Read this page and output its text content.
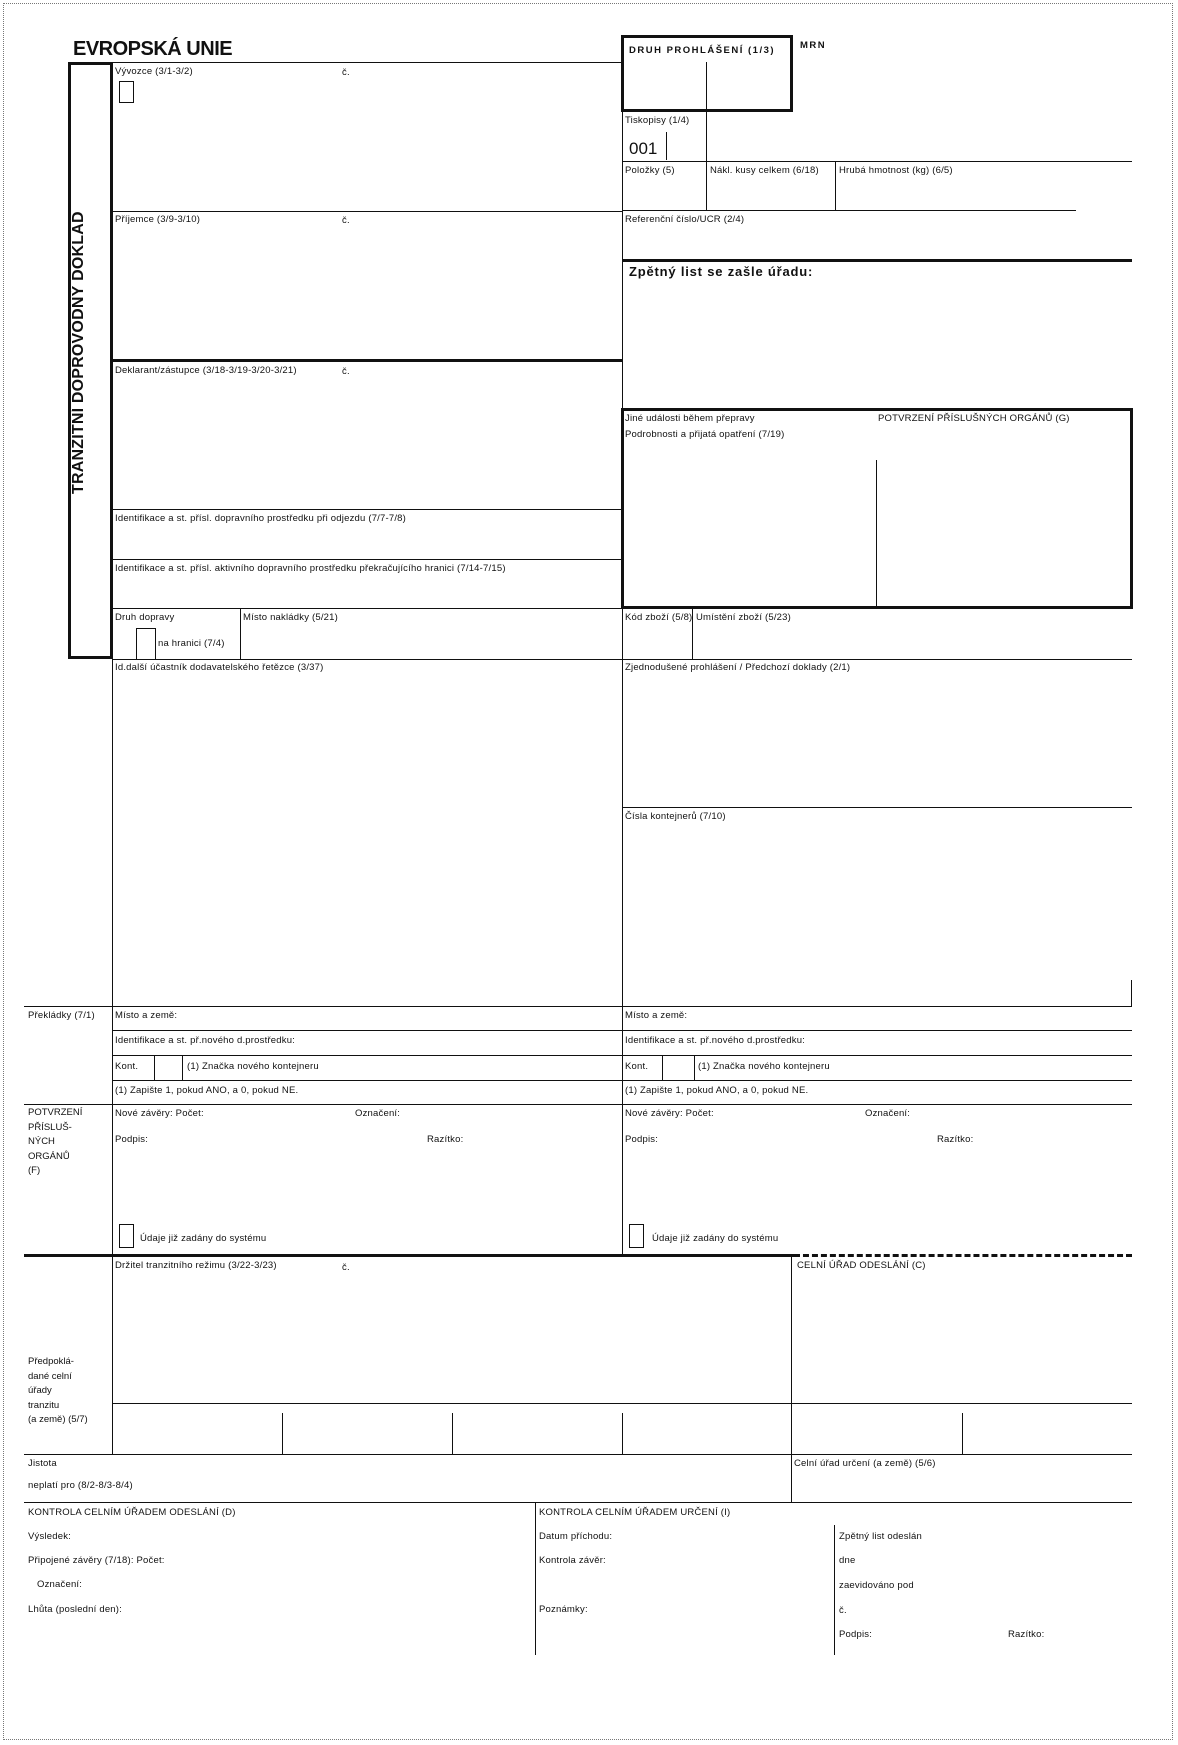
EVROPSKÁ UNIE	DRUH PROHLÁŠENÍ (1/3)	MRN
TRANZITNÍ DOPROVODNÝ DOKLAD
Vývozce (3/1-3/2)	č.
Příjemce (3/9-3/10)	č.
Deklarant/zástupce (3/18-3/19-3/20-3/21)	č.
Identifikace a st. přísl. dopravního prostředku při odjezdu (7/7-7/8)
Identifikace a st. přísl. aktivního dopravního prostředku překračujícího hranici (7/14-7/15)
Druh dopravy	Místo nakládky (5/21)
na hranici (7/4)
Id.další účastník dodavatelského řetězce (3/37)
Tiskopisy (1/4)
001
Položky (5)	Nákl. kusy celkem (6/18) Hrubá hmotnost (kg) (6/5)
Referenční číslo/UCR (2/4)
Zpětný list se zašle úřadu:
Jiné události během přepravy
Podrobnosti a přijatá opatření (7/19)
POTVRZENÍ PŘÍSLUŠNÝCH ORGÁNŮ (G)
Kód zboží (5/8) Umístění zboží (5/23)
Zjednodušené prohlášení / Předchozí doklady (2/1)
Čísla kontejnerů (7/10)
Překládky (7/1) Místo a země:
Identifikace a st. př.nového d.prostředku:
Kont.	(1) Značka nového kontejneru
(1) Zapište 1, pokud ANO, a 0, pokud NE.
Nové závěry: Počet:	Označení:
Podpis:	Razítko:
Údaje již zadány do systému
Místo a země:
Identifikace a st. př.nového d.prostředku:
Kont.	(1) Značka nového kontejneru
(1) Zapište 1, pokud ANO, a 0, pokud NE.
Nové závěry: Počet:	Označení:
Podpis:	Razítko:
Údaje již zadány do systému
POTVRZENÍ
PŘÍSLUŠ-
NÝCH
ORGÁNŮ
(F)
Držitel tranzitního režimu (3/22-3/23)	č.	CELNÍ ÚŘAD ODESLÁNÍ (C)
Předpoklá-
dané celní
úřady
tranzitu
(a země) (5/7)
Jistota
neplatí pro (8/2-8/3-8/4)
Celní úřad určení (a země) (5/6)
KONTROLA CELNÍM ÚŘADEM ODESLÁNÍ (D)
Výsledek:
Připojené závěry (7/18): Počet:
Označení:
Lhůta (poslední den):
KONTROLA CELNÍM ÚŘADEM URČENÍ (I)
Datum příchodu:
Kontrola závěr:
Poznámky:
Zpětný list odeslán
dne
zaevidováno pod
č.
Podpis:	Razítko:
